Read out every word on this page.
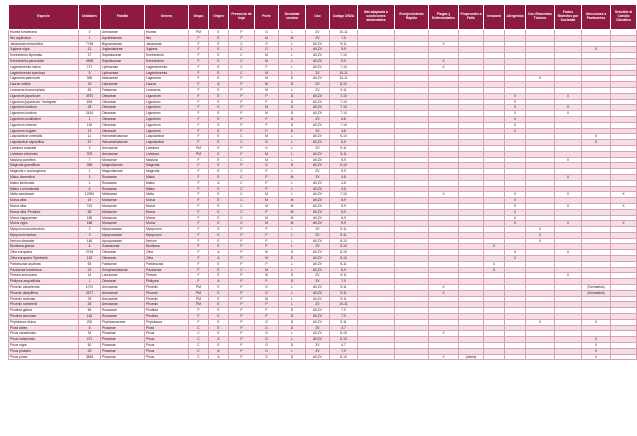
Especie	Unidades	Familia	Genero	Grupo	Origen	Presencia de hoja	Porte	Densidad sombra	Uso	Codigo USDA	Mal adaptada a condiciones ambientales	Envejecimiento Rápido	Plagas y Enfermedades	Propensión a Fallo	Invasora	Alergénica	Con Elementos Tóxicos	Frutos Molestos por Suciedad	Afecciones a Pavimentos	Sensible al Cambio Climático
Howea forsteriana	3	Arecaceae	Howea	PM	E	P	G	L	ZV	10-11										
Ilex aquifolium	1	Aquifoliaceae	Ilex	F	E	P	M	M	ZV	7-9										
Jacaranda mimosifolia	7748	Bignoniaceae	Jacaranda	F	E	C	G	L	AV,ZV	9-11			X							
Juglans nigra	12	Juglandaceae	Juglans	F	E	C	G	L	AV,ZV	5-9									X	
Koelreuteria bipinnata	27	Sapindaceae	Koelreuteria	F	E	C	M	L	AV,ZV	7-10										
Koelreuteria paniculata	4958	Sapindaceae	Koelreuteria	F	E	C	M	L	AV,ZV	5-9			X							
Lagerstroemia indica	717	Lythraceae	Lagerstroemia	F	E	C	P	L	AV,ZV	7-10			X							
Lagerstroemia speciosa	5	Lythraceae	Lagerstroemia	F	E	C	M	L	ZV	10-11										
Lagunaria patersonii	369	Malvaceae	Lagunaria	F	E	P	M	D	AV,ZV	10-11							X			
Laurus nobilis	15	Lauraceae	Laurus	F	A	P	M	D	ZV	8-10										
Leucaena leucocephala	83	Fabaceae	Leucaena	F	E	P	M	L	ZV	9-11										
Ligustrum japonicum	4970	Oleaceae	Ligustrum	F	E	P	P	D	AV,ZV	7-10						X		X		
Ligustrum japonicum 'Variegata'	694	Oleaceae	Ligustrum	F	E	P	P	D	AV,ZV	7-10						X				
Ligustrum lucidum	28	Oleaceae	Ligustrum	F	E	P	M	D	AV,ZV	7-10						X		X		
Ligustrum lucidum	2434	Oleaceae	Ligustrum	F	E	P	M	D	AV,ZV	7-10						X		X		
Ligustrum ovalifolium	1	Oleaceae	Ligustrum	F	E	P	P	D	ZV	5-8						X				
Ligustrum sinense	115	Oleaceae	Ligustrum	F	E	P	P	D	AV,ZV	7-10						X				
Ligustrum vulgare	23	Oleaceae	Ligustrum	F	E	P	P	D	ZV	4-8						X				
Liquidambar orientalis	11	Hamamelidaceae	Liquidambar	F	E	C	M	L	AV,ZV	6-10									X	
Liquidambar styraciflua	57	Hamamelidaceae	Liquidambar	F	E	C	G	L	AV,ZV	5-9									X	
Livistona australis	2	Arecaceae	Livistona	PM	E	P	G	L	ZV	9-11										
Livistona chinensis	375	Arecaceae	Livistona	PM	E	P	M	L	AV,ZV	9-11										
Maclura pomifera	7	Moraceae	Maclura	F	E	C	M	L	AV,ZV	5-9								X		
Magnolia grandiflora	355	Magnoliaceae	Magnolia	F	E	P	G	D	AV,ZV	6-10										
Magnolia x soulangeana	1	Magnoliaceae	Magnolia	F	E	C	P	L	ZV	5-9										
Malus domestica	3	Rosaceae	Malus	F	E	C	P	M	ZV	4-8								X		
Malus floribunda	1	Rosaceae	Malus	F	A	C	P	L	AV,ZV	4-8										
Malus x moerlandsii	6	Rosaceae	Malus	F	E	C	P	L	AV,ZV	4-8										
Melia azedarach	12094	Meliaceae	Melia	F	E	C	M	L	AV,ZV	7-10			X			X		X		X
Morus alba	19	Moraceae	Morus	F	E	C	M	M	AV,ZV	5-9						X				
Morus alba	742	Moraceae	Morus	F	E	C	M	M	AV,ZV	5-9						X		X		X
Morus alba 'Pendula'	55	Moraceae	Morus	F	E	C	P	M	AV,ZV	5-9						X				
Morus kagayamae	185	Moraceae	Morus	F	E	C	M	M	AV,ZV	6-9						X				
Morus nigra	166	Moraceae	Morus	F	E	C	M	M	AV,ZV	5-9						X		X		X
Myoporum acuminatum	2	Myoporaceae	Myoporum	F	E	P	P	L	ZV	9-11							X			
Myoporum laetum	3	Myoporaceae	Myoporum	F	E	P	P	L	ZV	9-11							X			
Nerium oleander	148	Apocynaceae	Nerium	F	E	P	P	L	AV,ZV	8-10							X			
Nicotiana glauca	6	Solanaceae	Nicotiana	F	E	P	P	L	ZV	8-10					X					
Olea europaea	2749	Oleaceae	Olea	F	A	P	M	D	AV,ZV	8-10						X		X		
Olea europaea 'Sylvestris'	115	Oleaceae	Olea	F	A	P	M	D	AV,ZV	8-10						X				
Parkinsonia aculeata	65	Fabaceae	Parkinsonia	F	E	P	P	L	AV,ZV	8-11					X					
Paulownia tomentosa	24	Scrophulariaceae	Paulownia	F	E	C	M	L	AV,ZV	5-9					X					
Persea americana	14	Lauraceae	Persea	F	E	P	M	D	ZV	9-11								X		
Phillyrea angustifolia	1	Oleaceae	Phillyrea	F	A	P	P	D	ZV	7-9										
Phoenix canariensis	1070	Arecaceae	Phoenix	PM	E	P	G	L	AV,ZV	9-11			X						(Normativa)	
Phoenix dactylifera	2677	Arecaceae	Phoenix	PM	E	P	G	L	AV,ZV	9-11			X						(Normativa)	
Phoenix reclinata	29	Arecaceae	Phoenix	PM	E	P	M	L	AV,ZV	9-11										
Phoenix roebelenii	26	Arecaceae	Phoenix	PM	E	P	P	L	ZV	10-11										
Photinia glabra	56	Rosaceae	Photinia	F	E	P	P	D	AV,ZV	7-9										
Photinia serrulata	146	Rosaceae	Photinia	F	E	P	P	D	AV,ZV	7-9										
Phytolacca dioica	252	Phytolaccaceae	Phytolacca	F	E	P	G	D	AV,ZV	9-11							X		X	
Picea abies	5	Pinaceae	Picea	C	E	P	G	D	ZV	3-7										
Pinus canariensis	34	Pinaceae	Pinus	C	E	P	G	L	AV,ZV	8-10			X							
Pinus halepensis	471	Pinaceae	Pinus	C	A	P	G	L	AV,ZV	8-10									X	
Pinus nigra	50	Pinaceae	Pinus	C	E	P	G	D	ZV	4-7									X	
Pinus pinaster	28	Pinaceae	Pinus	C	A	P	G	L	ZV	7-9									X	
Pinus pinea	3665	Pinaceae	Pinus	C	A	P	G	D	AV,ZV	8-10			X	(Alerta)					X	
